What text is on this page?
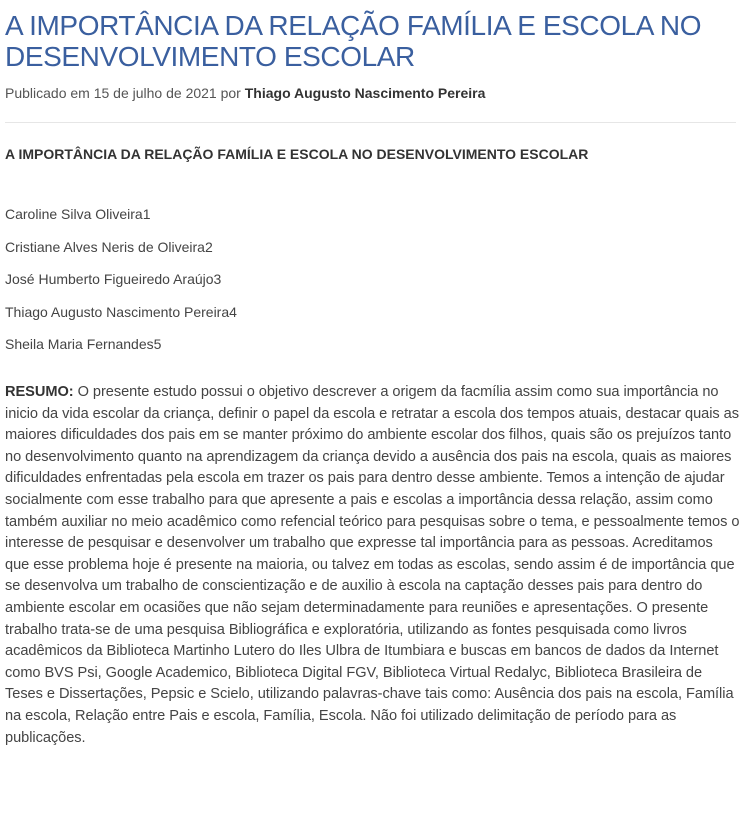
A IMPORTÂNCIA DA RELAÇÃO FAMÍLIA E ESCOLA NO DESENVOLVIMENTO ESCOLAR
Publicado em 15 de julho de 2021 por Thiago Augusto Nascimento Pereira
A IMPORTÂNCIA DA RELAÇÃO FAMÍLIA E ESCOLA NO DESENVOLVIMENTO ESCOLAR
Caroline Silva Oliveira1
Cristiane Alves Neris de Oliveira2
José Humberto Figueiredo Araújo3
Thiago Augusto Nascimento Pereira4
Sheila Maria Fernandes5

RESUMO: O presente estudo possui o objetivo descrever a origem da facmília assim como sua importância no inicio da vida escolar da criança, definir o papel da escola e retratar a escola dos tempos atuais, destacar quais as maiores dificuldades dos pais em se manter próximo do ambiente escolar dos filhos, quais são os prejuízos tanto no desenvolvimento quanto na aprendizagem da criança devido a ausência dos pais na escola, quais as maiores dificuldades enfrentadas pela escola em trazer os pais para dentro desse ambiente. Temos a intenção de ajudar socialmente com esse trabalho para que apresente a pais e escolas a importância dessa relação, assim como também auxiliar no meio acadêmico como refencial teórico para pesquisas sobre o tema, e pessoalmente temos o interesse de pesquisar e desenvolver um trabalho que expresse tal importância para as pessoas. Acreditamos que esse problema hoje é presente na maioria, ou talvez em todas as escolas, sendo assim é de importância que se desenvolva um trabalho de conscientização e de auxilio à escola na captação desses pais para dentro do ambiente escolar em ocasiões que não sejam determinadamente para reuniões e apresentações. O presente trabalho trata-se de uma pesquisa Bibliográfica e exploratória, utilizando as fontes pesquisada como livros acadêmicos da Biblioteca Martinho Lutero do Iles Ulbra de Itumbiara e buscas em bancos de dados da Internet como BVS Psi, Google Academico, Biblioteca Digital FGV, Biblioteca Virtual Redalyc, Biblioteca Brasileira de Teses e Dissertações, Pepsic e Scielo, utilizando palavras-chave tais como: Ausência dos pais na escola, Família na escola, Relação entre Pais e escola, Família, Escola. Não foi utilizado delimitação de período para as publicações.
